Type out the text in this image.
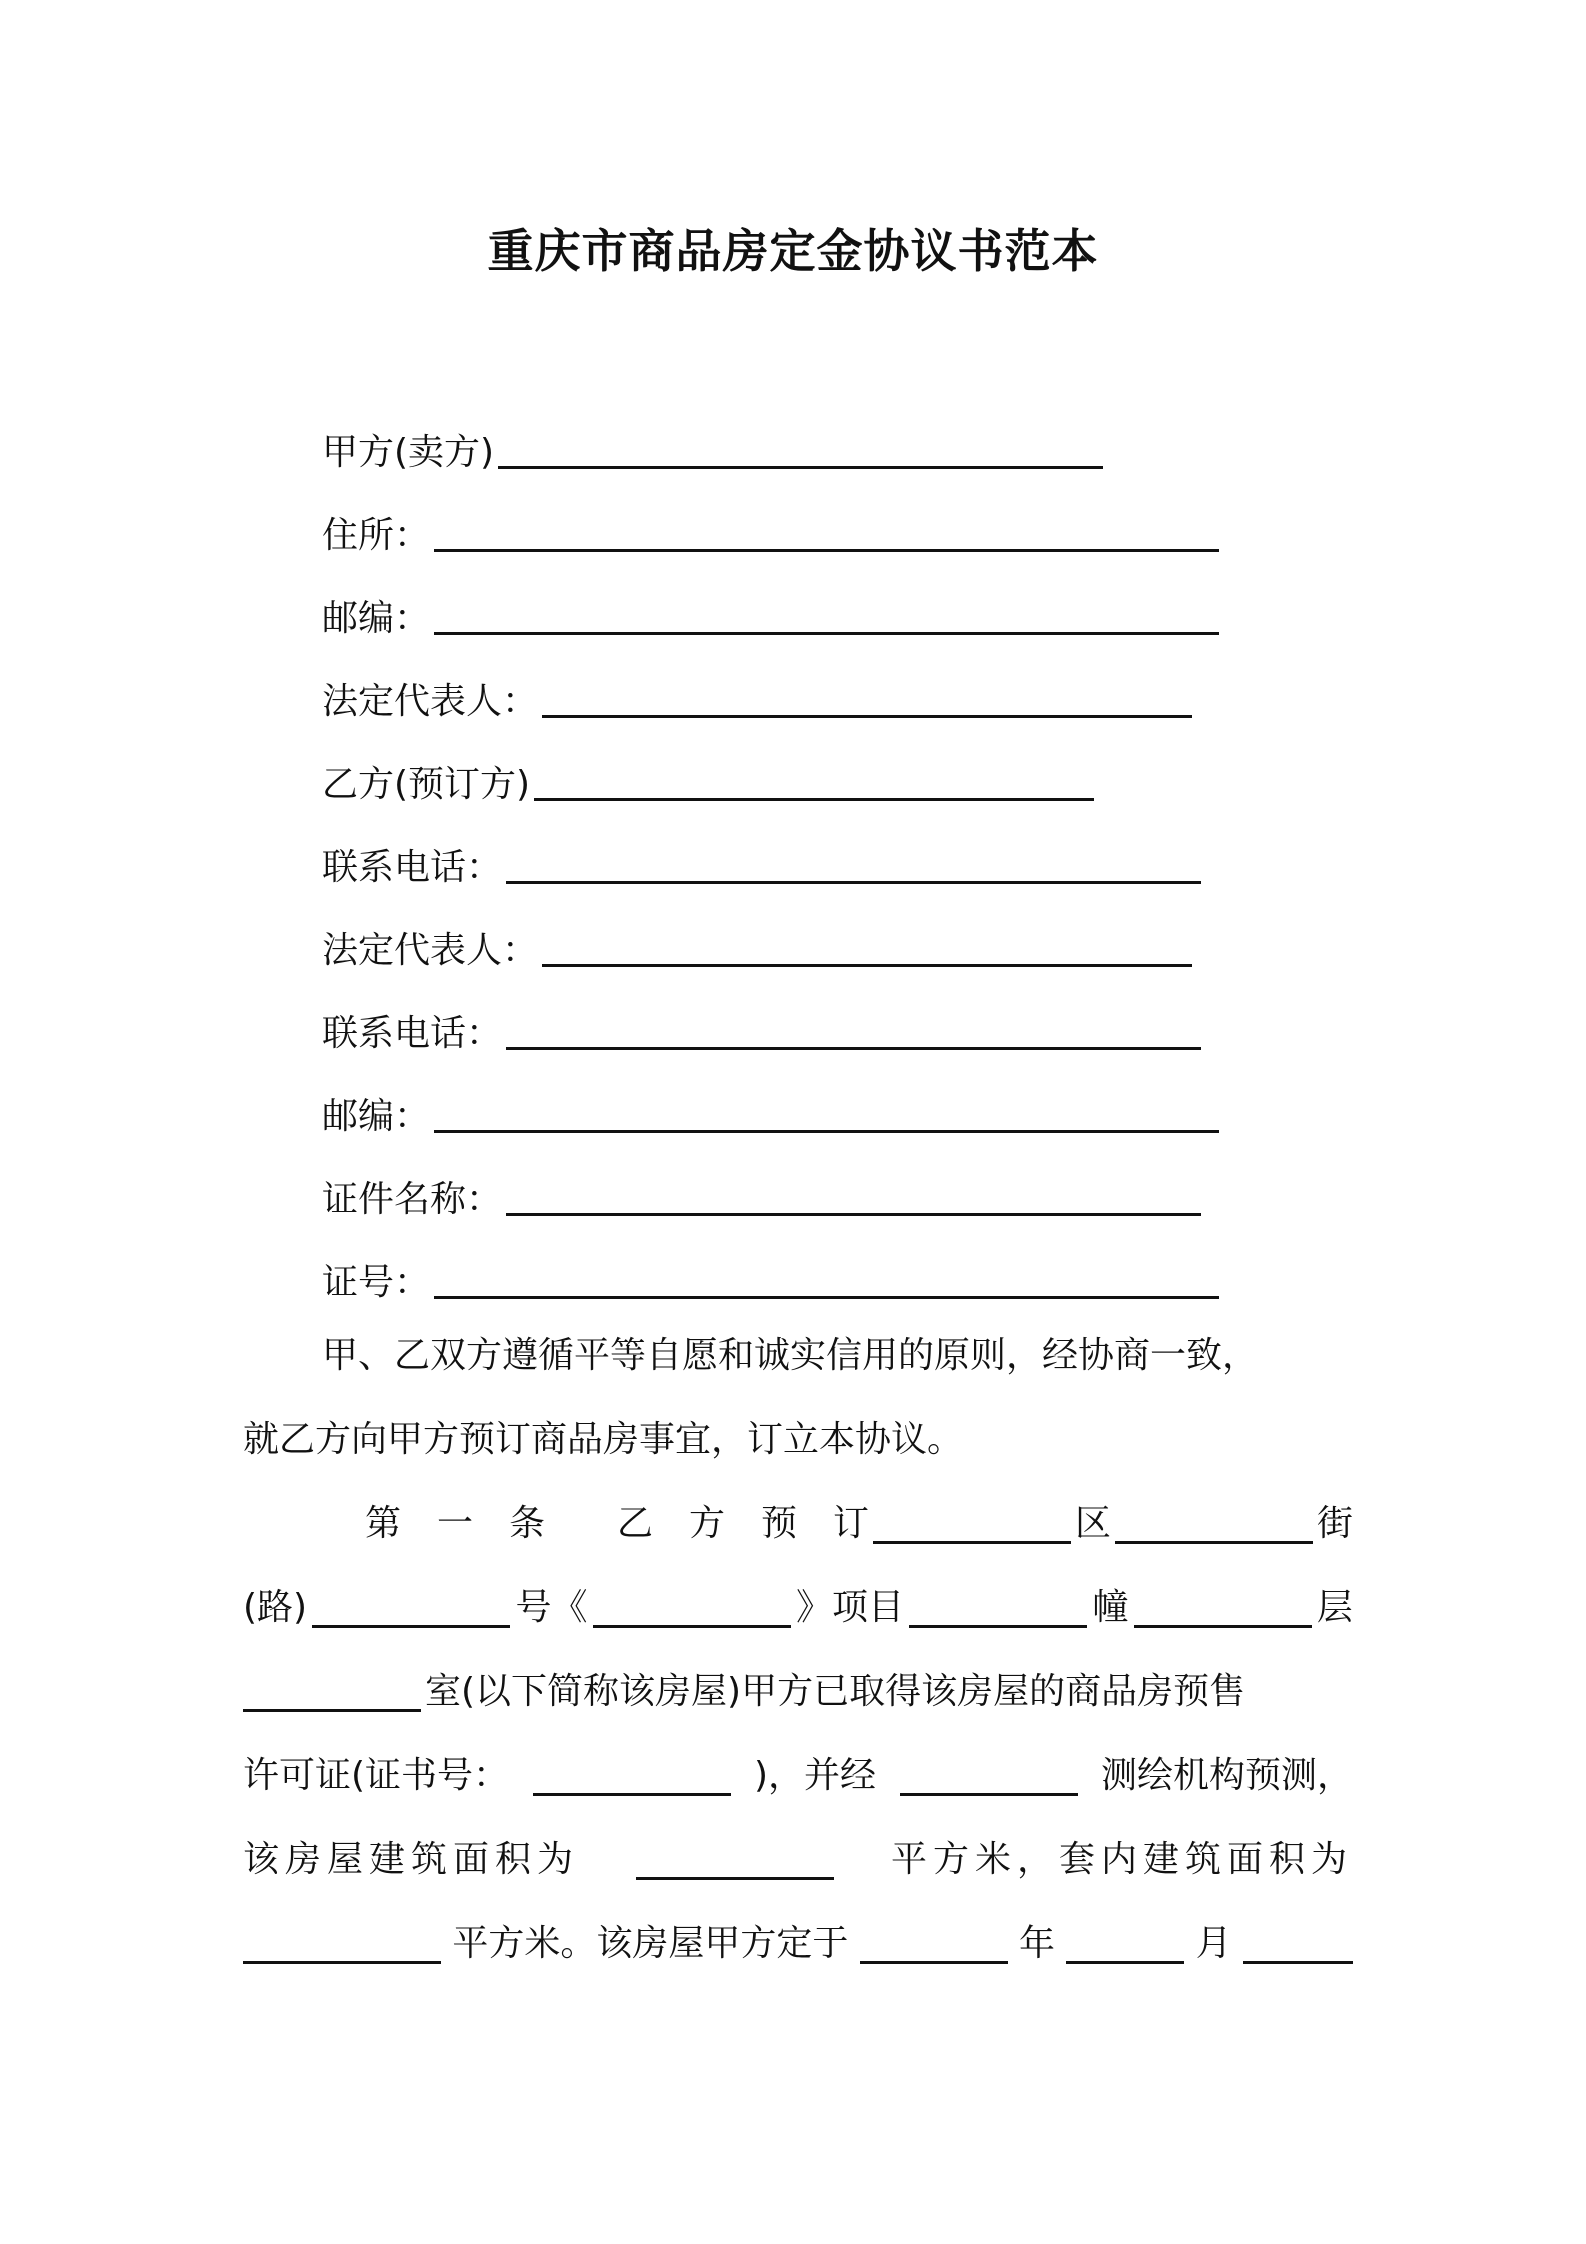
重庆市商品房定金协议书范本
甲方(卖方)
住所：
邮编：
法定代表人：
乙方(预订方)
联系电话：
法定代表人：
联系电话：
邮编：
证件名称：
证号：
甲、乙双方遵循平等自愿和诚实信用的原则，经协商一致，
就乙方向甲方预订商品房事宜，订立本协议。
第　一　条　　乙　方　预　订	区	街
(路)	号《	》项目	幢	层
室(以下简称该房屋)甲方已取得该房屋的商品房预售
许可证(证书号：	)，并经	测绘机构预测，
该房屋建筑面积为	平方米，套内建筑面积为
平方米。该房屋甲方定于	年	月
